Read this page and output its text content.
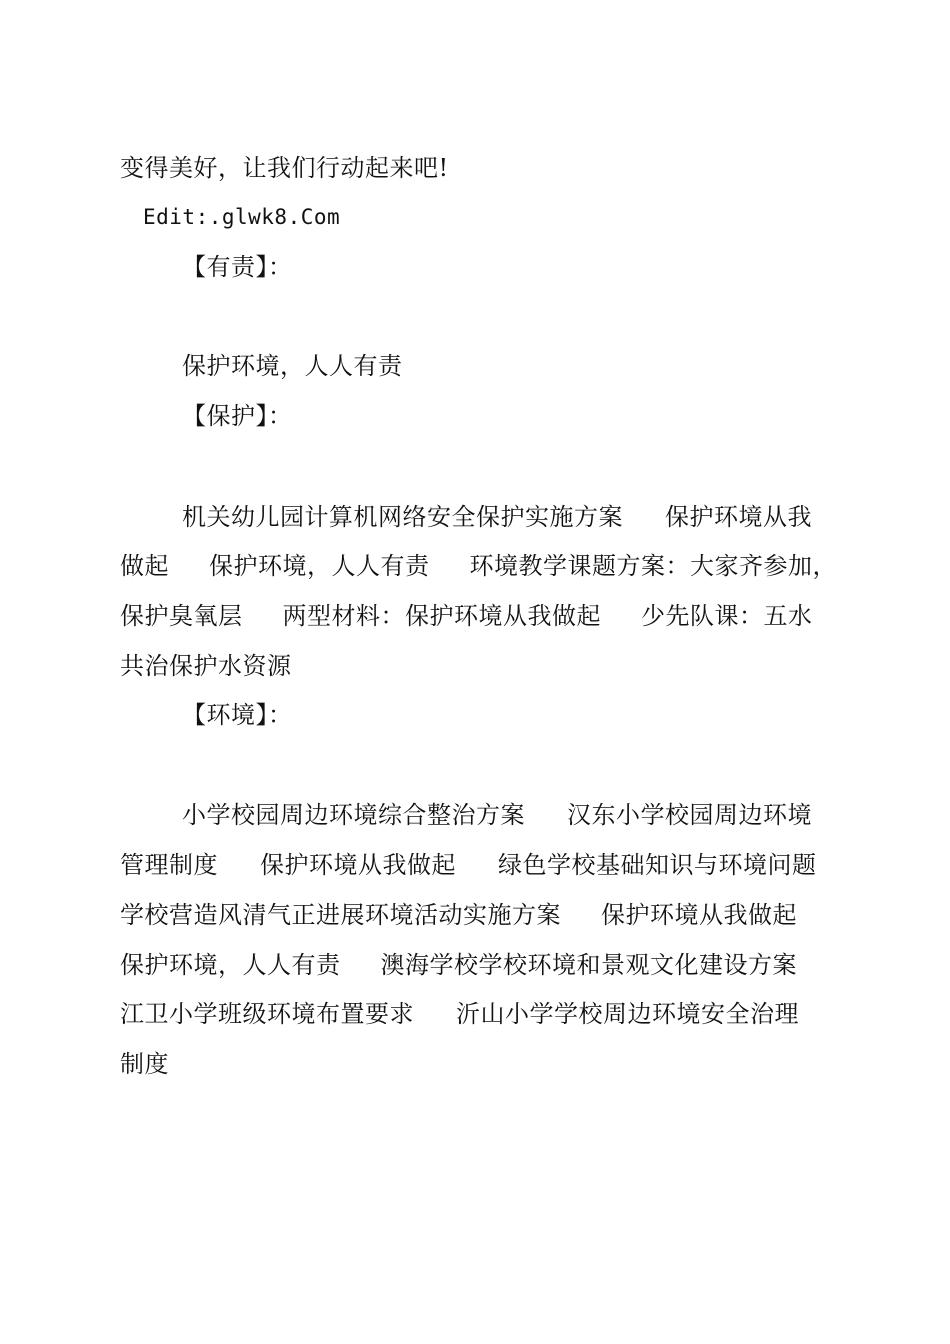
变得美好，让我们行动起来吧!
Edit:.glwk8.Com
【有责】：
保护环境，人人有责
【保护】：
机关幼儿园计算机网络安全保护实施方案 保护环境从我
做起 保护环境，人人有责 环境教学课题方案：大家齐参加，
保护臭氧层 两型材料：保护环境从我做起 少先队课：五水
共治保护水资源
【环境】：
小学校园周边环境综合整治方案 汉东小学校园周边环境
管理制度 保护环境从我做起 绿色学校基础知识与环境问题
学校营造风清气正进展环境活动实施方案 保护环境从我做起
保护环境，人人有责 澳海学校学校环境和景观文化建设方案
江卫小学班级环境布置要求 沂山小学学校周边环境安全治理
制度
